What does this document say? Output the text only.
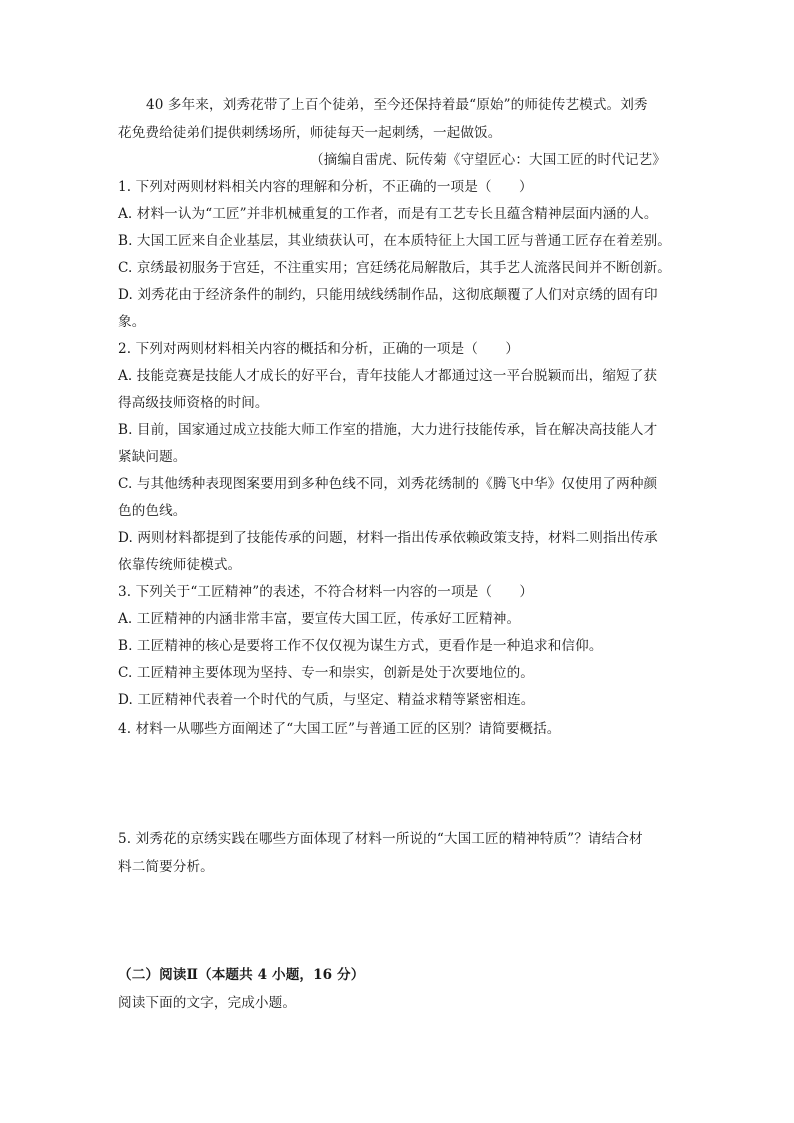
40 多年来，刘秀花带了上百个徒弟，至今还保持着最“原始”的师徒传艺模式。刘秀
花免费给徒弟们提供刺绣场所，师徒每天一起刺绣，一起做饭。
（摘编自雷虎、阮传菊《守望匠心：大国工匠的时代记艺》
1. 下列对两则材料相关内容的理解和分析，不正确的一项是（　　）
A. 材料一认为“工匠”并非机械重复的工作者，而是有工艺专长且蕴含精神层面内涵的人。
B. 大国工匠来自企业基层，其业绩获认可，在本质特征上大国工匠与普通工匠存在着差别。
C. 京绣最初服务于宫廷，不注重实用；宫廷绣花局解散后，其手艺人流落民间并不断创新。
D. 刘秀花由于经济条件的制约，只能用绒线绣制作品，这彻底颠覆了人们对京绣的固有印
象。
2. 下列对两则材料相关内容的概括和分析，正确的一项是（　　）
A. 技能竞赛是技能人才成长的好平台，青年技能人才都通过这一平台脱颖而出，缩短了获
得高级技师资格的时间。
B. 目前，国家通过成立技能大师工作室的措施，大力进行技能传承，旨在解决高技能人才
紧缺问题。
C. 与其他绣种表现图案要用到多种色线不同，刘秀花绣制的《腾飞中华》仅使用了两种颜
色的色线。
D. 两则材料都提到了技能传承的问题，材料一指出传承依赖政策支持，材料二则指出传承
依靠传统师徒模式。
3. 下列关于“工匠精神”的表述，不符合材料一内容的一项是（　　）
A. 工匠精神的内涵非常丰富，要宣传大国工匠，传承好工匠精神。
B. 工匠精神的核心是要将工作不仅仅视为谋生方式，更看作是一种追求和信仰。
C. 工匠精神主要体现为坚持、专一和崇实，创新是处于次要地位的。
D. 工匠精神代表着一个时代的气质，与坚定、精益求精等紧密相连。
4. 材料一从哪些方面阐述了“大国工匠”与普通工匠的区别？请简要概括。
5. 刘秀花的京绣实践在哪些方面体现了材料一所说的“大国工匠的精神特质”？请结合材
料二简要分析。
（二）阅读Ⅱ（本题共 4 小题，16 分）
阅读下面的文字，完成小题。
